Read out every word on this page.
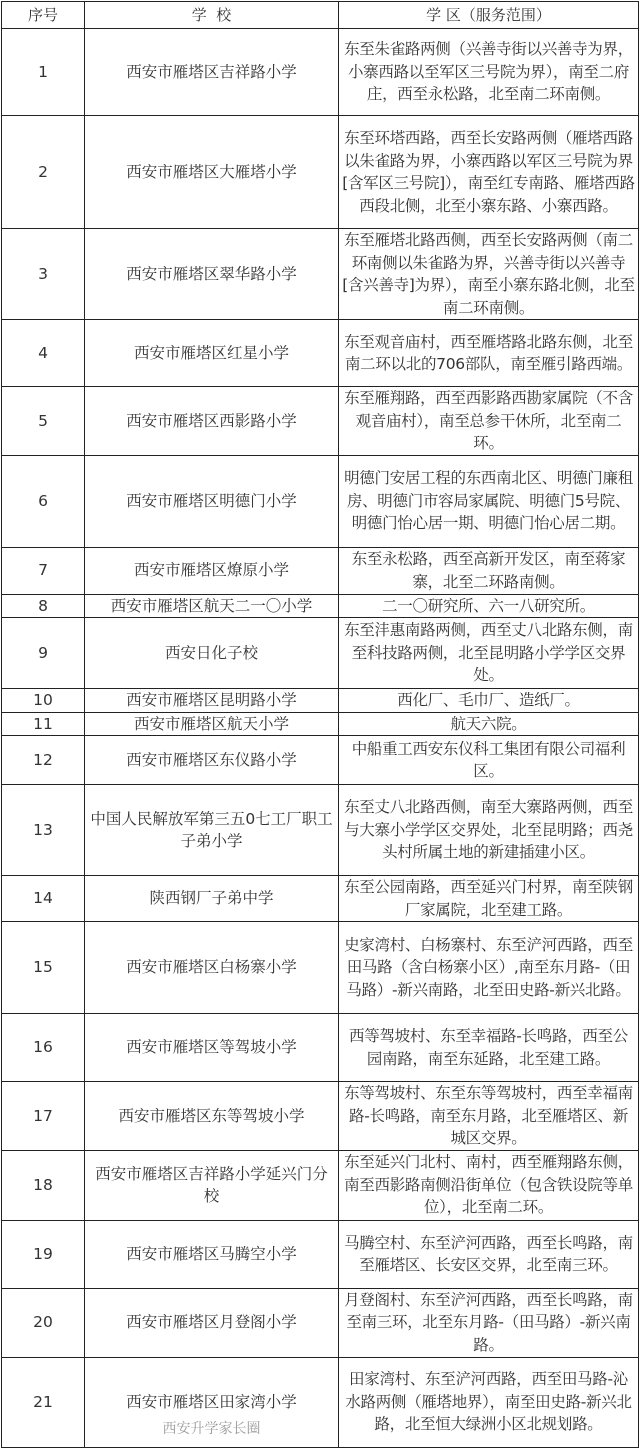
序号	学  校	学 区（服务范围）
1	西安市雁塔区吉祥路小学	东至朱雀路两侧（兴善寺街以兴善寺为界，小寨西路以至军区三号院为界），南至二府庄，西至永松路，北至南二环南侧。
2	西安市雁塔区大雁塔小学	东至环塔西路，西至长安路两侧（雁塔西路以朱雀路为界，小寨西路以军区三号院为界[含军区三号院]），南至红专南路、雁塔西路西段北侧，北至小寨东路、小寨西路。
3	西安市雁塔区翠华路小学	东至雁塔北路西侧，西至长安路两侧（南二环南侧以朱雀路为界，兴善寺街以兴善寺[含兴善寺]为界），南至小寨东路北侧，北至南二环南侧。
4	西安市雁塔区红星小学	东至观音庙村，西至雁塔路北路东侧，北至南二环以北的706部队，南至雁引路西端。
5	西安市雁塔区西影路小学	东至雁翔路，西至西影路西勘家属院（不含观音庙村），南至总参干休所，北至南二环。
6	西安市雁塔区明德门小学	明德门安居工程的东西南北区、明德门廉租房、明德门市容局家属院、明德门5号院、明德门怡心居一期、明德门怡心居二期。
7	西安市雁塔区燎原小学	东至永松路，西至高新开发区，南至蒋家寨，北至二环路南侧。
8	西安市雁塔区航天二一〇小学	二一〇研究所、六一八研究所。
9	西安日化子校	东至沣惠南路两侧，西至丈八北路东侧，南至科技路两侧，北至昆明路小学学区交界处。
10	西安市雁塔区昆明路小学	西化厂、毛巾厂、造纸厂。
11	西安市雁塔区航天小学	航天六院。
12	西安市雁塔区东仪路小学	中船重工西安东仪科工集团有限公司福利区。
13	中国人民解放军第三五0七工厂职工子弟小学	东至丈八北路西侧，南至大寨路两侧，西至与大寨小学学区交界处，北至昆明路；西尧头村所属土地的新建插建小区。
14	陕西钢厂子弟中学	东至公园南路，西至延兴门村界，南至陕钢厂家属院，北至建工路。
15	西安市雁塔区白杨寨小学	史家湾村、白杨寨村、东至浐河西路，西至田马路（含白杨寨小区）,南至东月路-（田马路）-新兴南路，北至田史路-新兴北路。
16	西安市雁塔区等驾坡小学	西等驾坡村、东至幸福路-长鸣路，西至公园南路，南至东延路，北至建工路。
17	西安市雁塔区东等驾坡小学	东等驾坡村、东至东等驾坡村，西至幸福南路-长鸣路，南至东月路，北至雁塔区、新城区交界。
18	西安市雁塔区吉祥路小学延兴门分校	东至延兴门北村、南村，西至雁翔路东侧，南至西影路南侧沿街单位（包含铁设院等单位），北至南二环。
19	西安市雁塔区马腾空小学	马腾空村、东至浐河西路，西至长鸣路，南至雁塔区、长安区交界，北至南三环。
20	西安市雁塔区月登阁小学	月登阁村、东至浐河西路，西至长鸣路，南至南三环，北至东月路-（田马路）-新兴南路。
21	西安市雁塔区田家湾小学	田家湾村、东至浐河西路，西至田马路-沁水路两侧（雁塔地界），南至田史路-新兴北路，北至恒大绿洲小区北规划路。
西安升学家长圈
